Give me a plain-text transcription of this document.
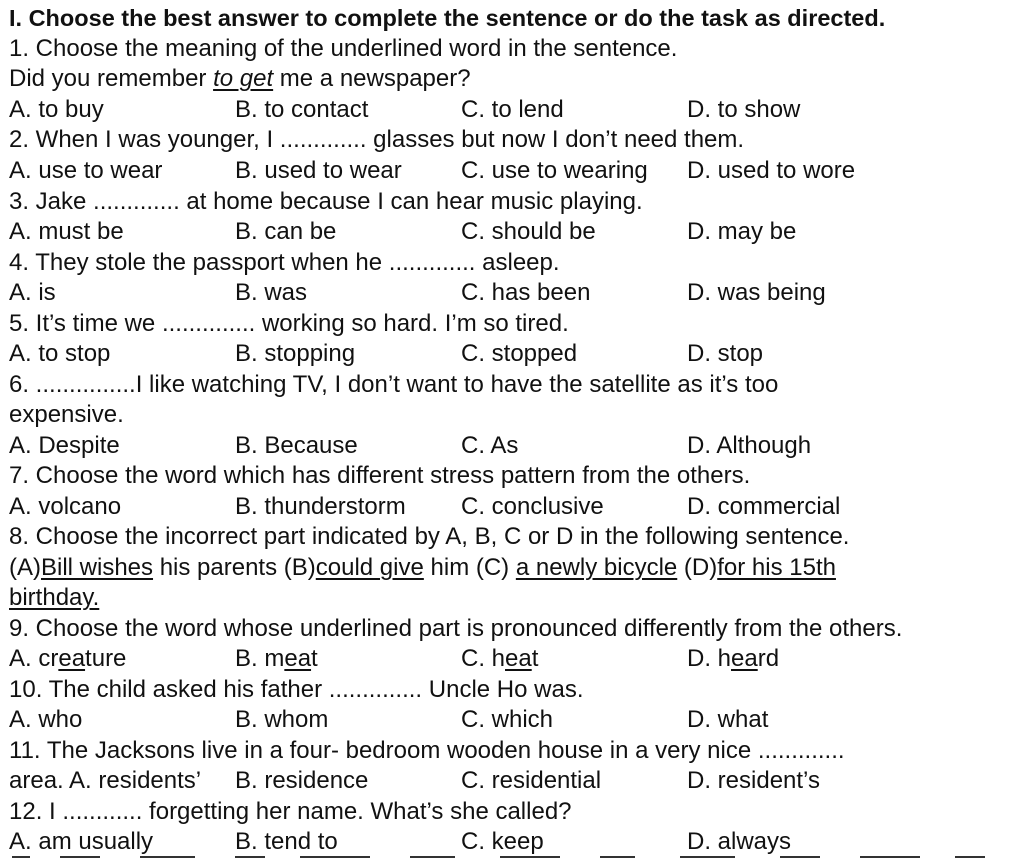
I. Choose the best answer to complete the sentence or do the task as directed.
1. Choose the meaning of the underlined word in the sentence.
Did you remember to get me a newspaper?
A. to buy	B. to contact	C. to lend	D. to show
2. When I was younger, I ............. glasses but now I don’t need them.
A. use to wear	B. used to wear C. use to wearing D. used to wore
3. Jake ............. at home because I can hear music playing.
A. must be	B. can be	C. should be	D. may be
4. They stole the passport when he ............. asleep.
A. is	B. was	C. has been	D. was being
5. It’s time we .............. working so hard. I’m so tired.
A. to stop	B. stopping	C. stopped	D. stop
6. ...............I like watching TV, I don’t want to have the satellite as it’s too
expensive.
A. Despite	B. Because	C. As	D. Although
7. Choose the word which has different stress pattern from the others.
A. volcano	B. thunderstorm C. conclusive	D. commercial
8. Choose the incorrect part indicated by A, B, C or D in the following sentence.
(A)Bill wishes his parents (B)could give him (C) a newly bicycle (D)for his 15th
birthday.
9. Choose the word whose underlined part is pronounced differently from the others.
A. creature	B. meat	C. heat	D. heard
10. The child asked his father .............. Uncle Ho was.
A. who	B. whom	C. which	D. what
11. The Jacksons live in a four- bedroom wooden house in a very nice .............
area. A. residents’ B. residence	C. residential	D. resident’s
12. I ............ forgetting her name. What’s she called?
A. am usually	B. tend to	C. keep	D. always
